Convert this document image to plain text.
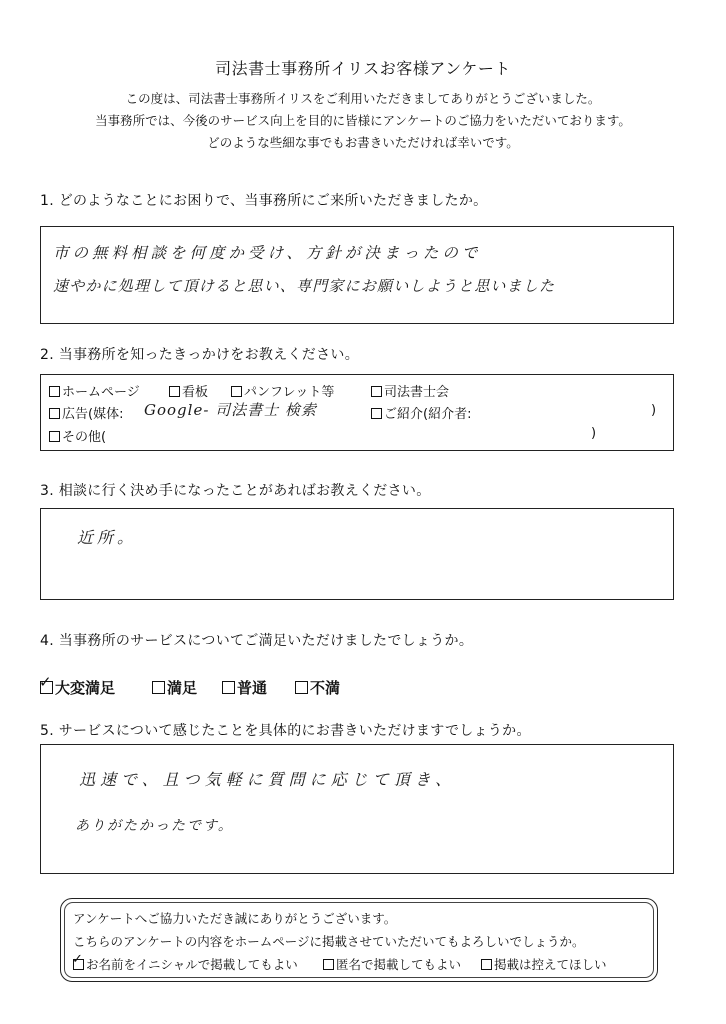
司法書士事務所イリスお客様アンケート
この度は、司法書士事務所イリスをご利用いただきましてありがとうございました。
当事務所では、今後のサービス向上を目的に皆様にアンケートのご協力をいただいております。
どのような些細な事でもお書きいただければ幸いです。
1. どのようなことにお困りで、当事務所にご来所いただきましたか。
市の無料相談を何度か受け、方針が決まったので
速やかに処理して頂けると思い、専門家にお願いしようと思いました
2. 当事務所を知ったきっかけをお教えください。
ホームページ	看板	パンフレット等	司法書士会
広告(媒体: Google- 司法書士 検索	ご紹介(紹介者:	)
その他(	)
3. 相談に行く決め手になったことがあればお教えください。
近所。
4. 当事務所のサービスについてご満足いただけましたでしょうか。
✓ 大変満足	満足	普通	不満
5. サービスについて感じたことを具体的にお書きいただけますでしょうか。
迅速で、且つ気軽に質問に応じて頂き、
ありがたかったです。
アンケートへご協力いただき誠にありがとうございます。
こちらのアンケートの内容をホームページに掲載させていただいてもよろしいでしょうか。
✓ お名前をイニシャルで掲載してもよい	匿名で掲載してもよい	掲載は控えてほしい
